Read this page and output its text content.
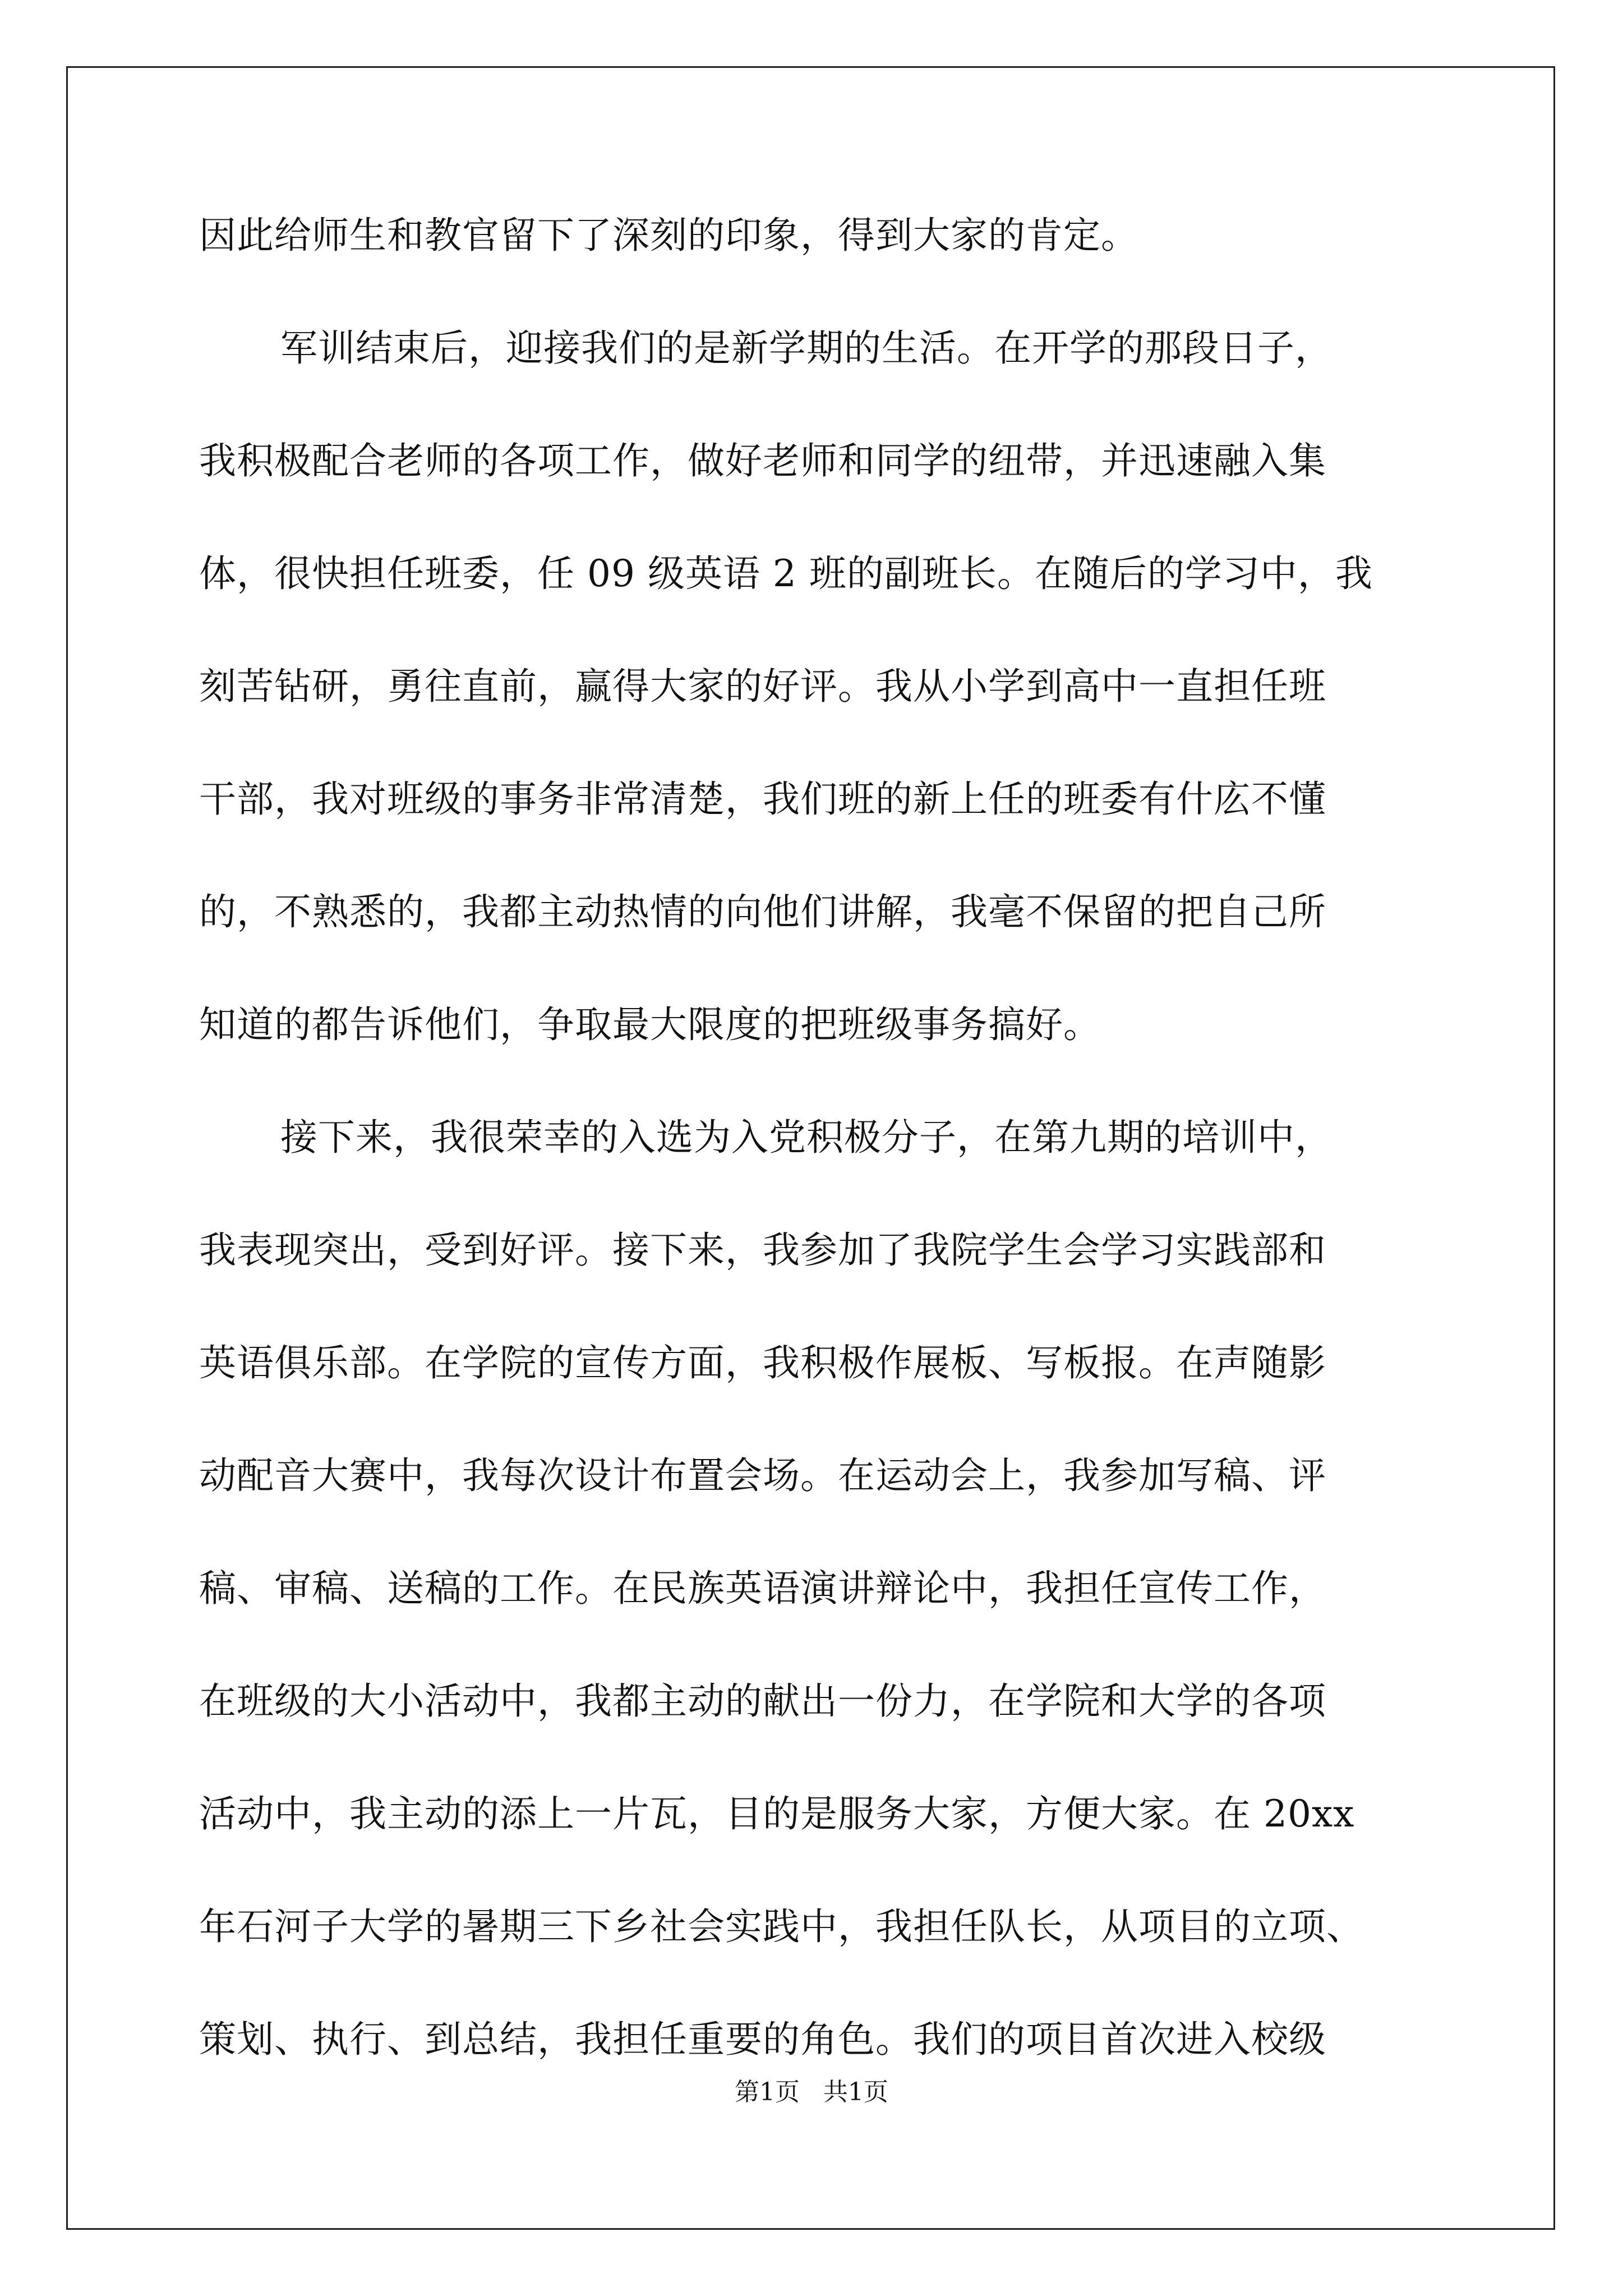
因此给师生和教官留下了深刻的印象，得到大家的肯定。
军训结束后，迎接我们的是新学期的生活。在开学的那段日子，
我积极配合老师的各项工作，做好老师和同学的纽带，并迅速融入集
体，很快担任班委，任 09 级英语 2 班的副班长。在随后的学习中，我
刻苦钻研，勇往直前，赢得大家的好评。我从小学到高中一直担任班
干部，我对班级的事务非常清楚，我们班的新上任的班委有什庅不懂
的，不熟悉的，我都主动热情的向他们讲解，我毫不保留的把自己所
知道的都告诉他们，争取最大限度的把班级事务搞好。
接下来，我很荣幸的入选为入党积极分子，在第九期的培训中，
我表现突出，受到好评。接下来，我参加了我院学生会学习实践部和
英语俱乐部。在学院的宣传方面，我积极作展板、写板报。在声随影
动配音大赛中，我每次设计布置会场。在运动会上，我参加写稿、评
稿、审稿、送稿的工作。在民族英语演讲辩论中，我担任宣传工作，
在班级的大小活动中，我都主动的献出一份力，在学院和大学的各项
活动中，我主动的添上一片瓦，目的是服务大家，方便大家。在 20xx
年石河子大学的暑期三下乡社会实践中，我担任队长，从项目的立项、
策划、执行、到总结，我担任重要的角色。我们的项目首次进入校级
第1页   共1页
